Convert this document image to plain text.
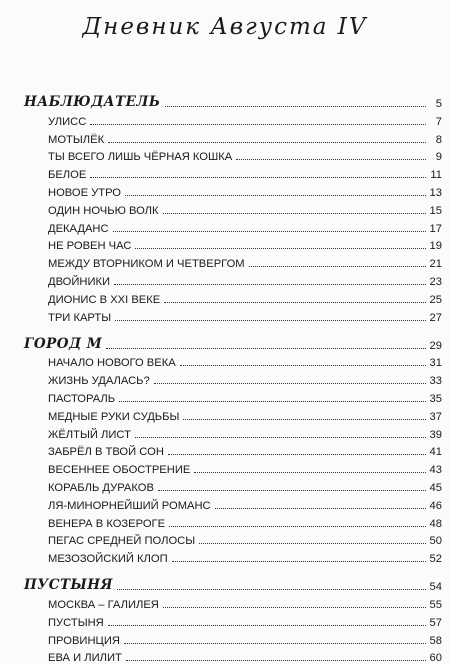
Дневник Августа IV
НАБЛЮДАТЕЛЬ	5
УЛИСС	7
МОТЫЛЁК	8
ТЫ ВСЕГО ЛИШЬ ЧЁРНАЯ КОШКА	9
БЕЛОЕ	11
НОВОЕ УТРО	13
ОДИН НОЧЬЮ ВОЛК	15
ДЕКАДАНС	17
НЕ РОВЕН ЧАС	19
МЕЖДУ ВТОРНИКОМ И ЧЕТВЕРГОМ	21
ДВОЙНИКИ	23
ДИОНИС В XXI ВЕКЕ	25
ТРИ КАРТЫ	27
ГОРОД М	29
НАЧАЛО НОВОГО ВЕКА	31
ЖИЗНЬ УДАЛАСЬ?	33
ПАСТОРАЛЬ	35
МЕДНЫЕ РУКИ СУДЬБЫ	37
ЖЁЛТЫЙ ЛИСТ	39
ЗАБРЁЛ В ТВОЙ СОН	41
ВЕСЕННЕЕ ОБОСТРЕНИЕ	43
КОРАБЛЬ ДУРАКОВ	45
ЛЯ-МИНОРНЕЙШИЙ РОМАНС	46
ВЕНЕРА В КОЗЕРОГЕ	48
ПЕГАС СРЕДНЕЙ ПОЛОСЫ	50
МЕЗОЗОЙСКИЙ КЛОП	52
ПУСТЫНЯ	54
МОСКВА – ГАЛИЛЕЯ	55
ПУСТЫНЯ	57
ПРОВИНЦИЯ	58
ЕВА И ЛИЛИТ	60
